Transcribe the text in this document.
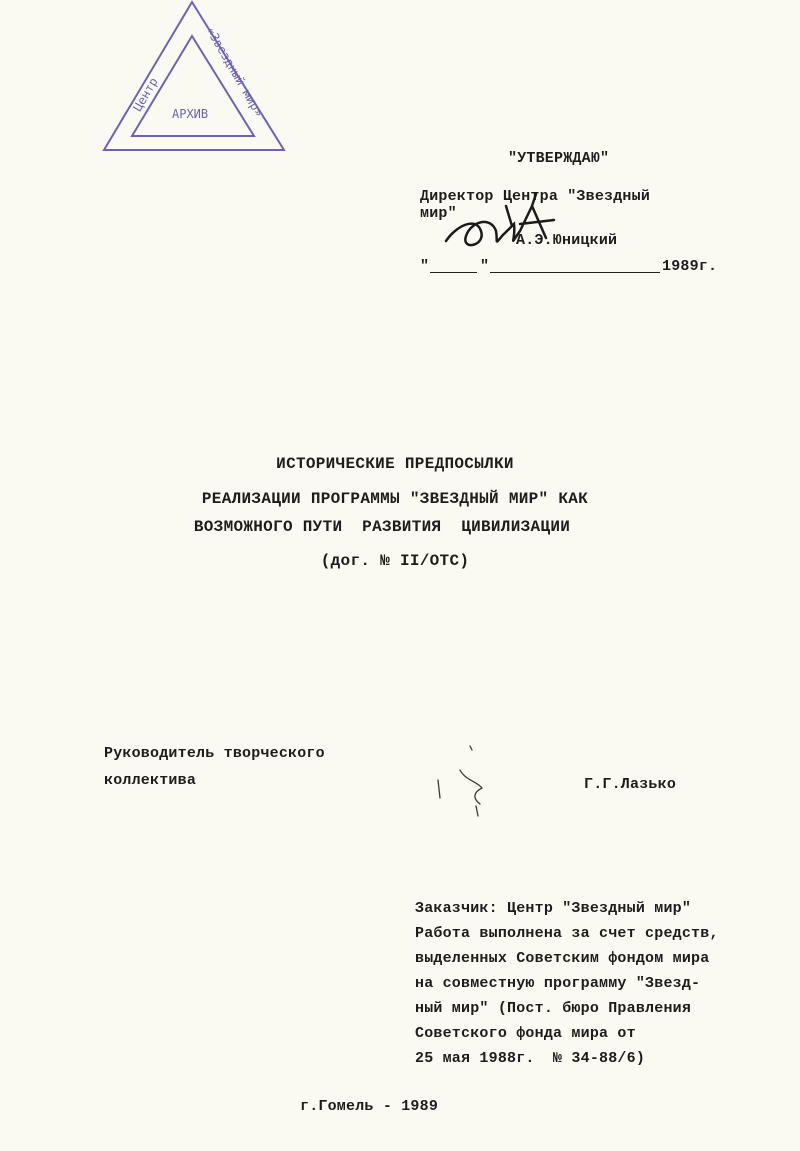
Центр	«Звездный мир»
АРХИВ
"УТВЕРЖДАЮ"
Директор Центра "Звездный
мир"
А.Э.Юницкий
"	"	1989г.
ИСТОРИЧЕСКИЕ ПРЕДПОСЫЛКИ
РЕАЛИЗАЦИИ ПРОГРАММЫ "ЗВЕЗДНЫЙ МИР" КАК
ВОЗМОЖНОГО ПУТИ  РАЗВИТИЯ  ЦИВИЛИЗАЦИИ
(дог. № II/ОТС)
Руководитель творческого
коллектива	Г.Г.Лазько
Заказчик: Центр "Звездный мир"
Работа выполнена за счет средств,
выделенных Советским фондом мира
на совместную программу "Звезд-
ный мир" (Пост. бюро Правления
Советского фонда мира от
25 мая 1988г.  № 34-88/6)
г.Гомель - 1989
